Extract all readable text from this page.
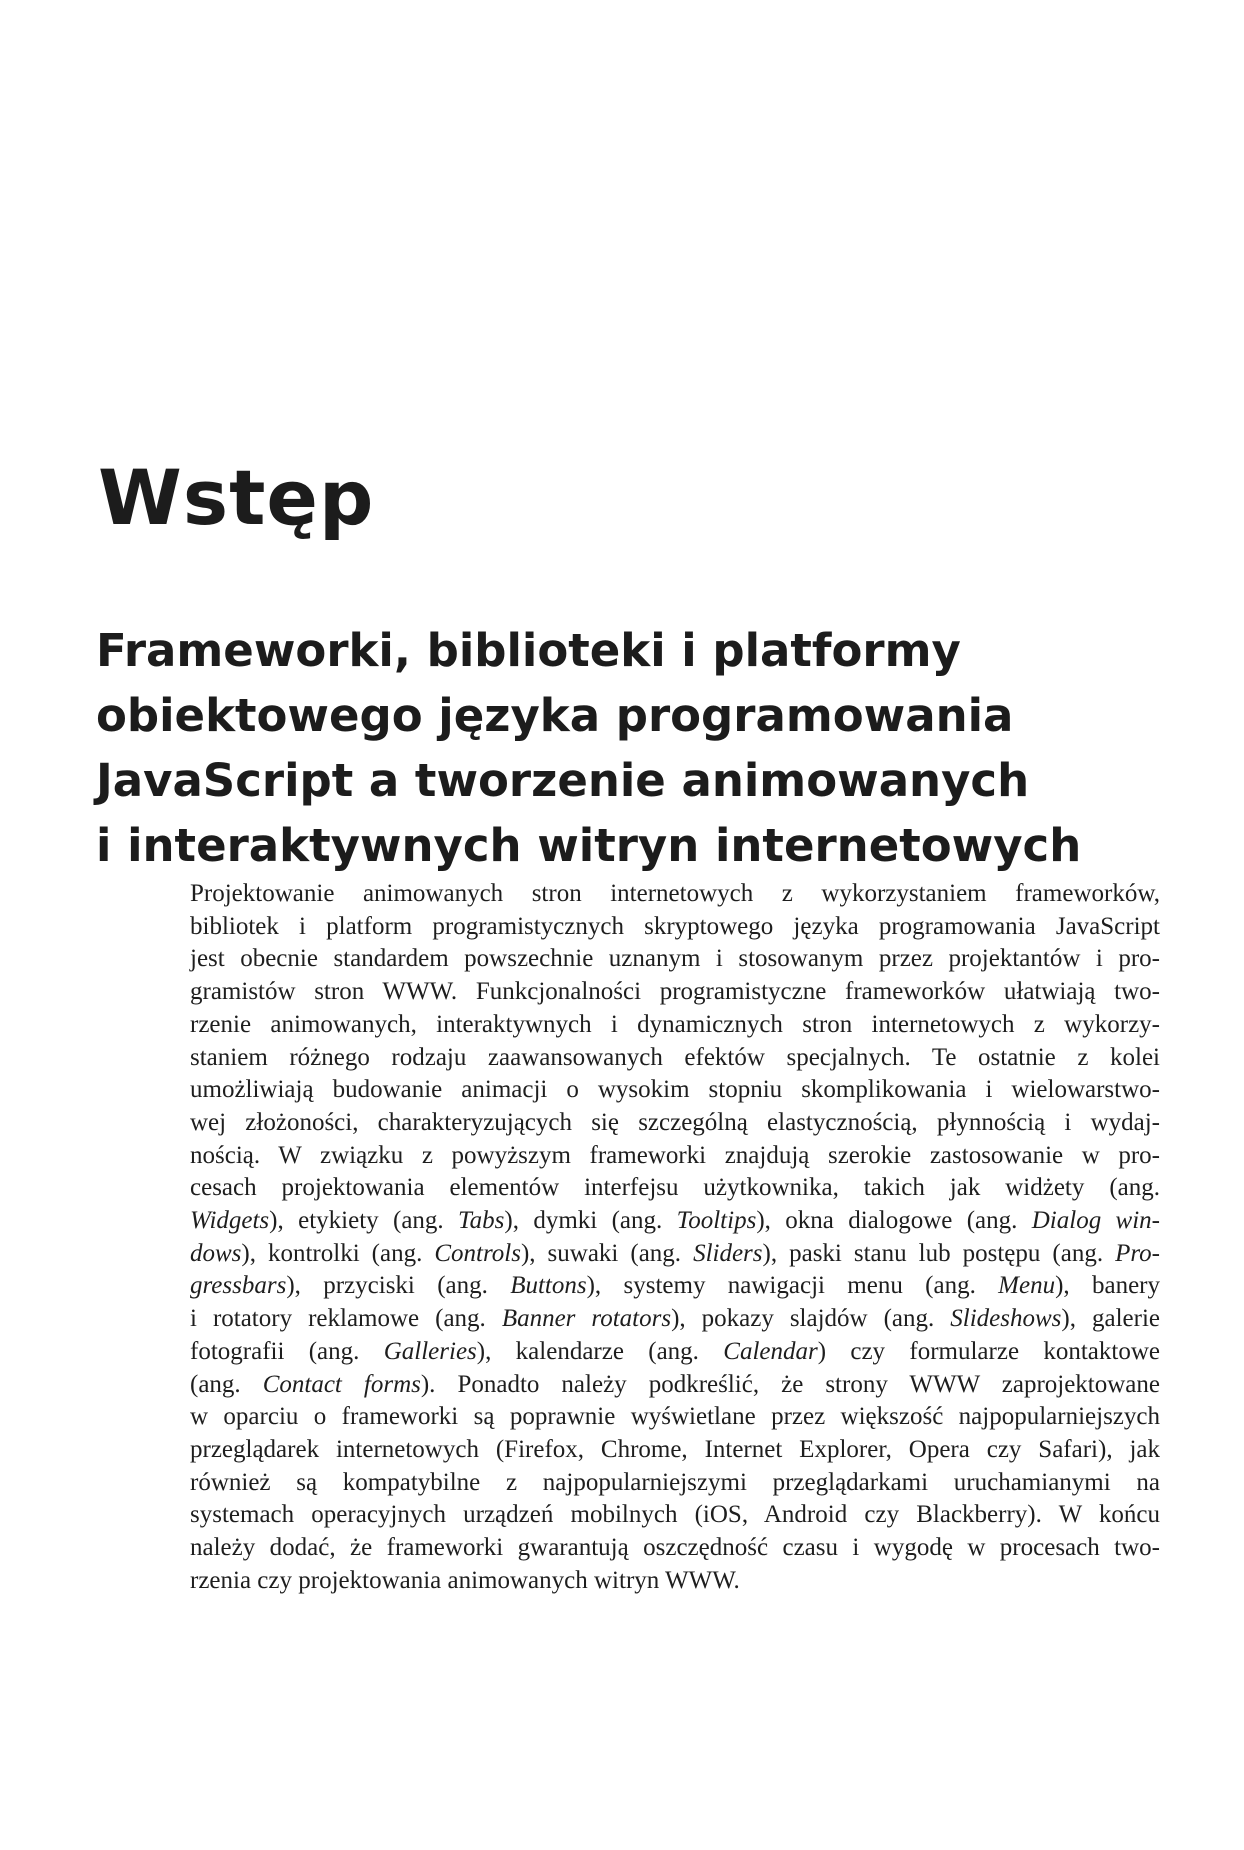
Wstęp
Frameworki, biblioteki i platformy
obiektowego języka programowania
JavaScript a tworzenie animowanych
i interaktywnych witryn internetowych
Projektowanie animowanych stron internetowych z wykorzystaniem frameworków,
bibliotek i platform programistycznych skryptowego języka programowania JavaScript
jest obecnie standardem powszechnie uznanym i stosowanym przez projektantów i pro-
gramistów stron WWW. Funkcjonalności programistyczne frameworków ułatwiają two-
rzenie animowanych, interaktywnych i dynamicznych stron internetowych z wykorzy-
staniem różnego rodzaju zaawansowanych efektów specjalnych. Te ostatnie z kolei
umożliwiają budowanie animacji o wysokim stopniu skomplikowania i wielowarstwo-
wej złożoności, charakteryzujących się szczególną elastycznością, płynnością i wydaj-
nością. W związku z powyższym frameworki znajdują szerokie zastosowanie w pro-
cesach projektowania elementów interfejsu użytkownika, takich jak widżety (ang.
Widgets), etykiety (ang. Tabs), dymki (ang. Tooltips), okna dialogowe (ang. Dialog win-
dows), kontrolki (ang. Controls), suwaki (ang. Sliders), paski stanu lub postępu (ang. Pro-
gressbars), przyciski (ang. Buttons), systemy nawigacji menu (ang. Menu), banery
i rotatory reklamowe (ang. Banner rotators), pokazy slajdów (ang. Slideshows), galerie
fotografii (ang. Galleries), kalendarze (ang. Calendar) czy formularze kontaktowe
(ang. Contact forms). Ponadto należy podkreślić, że strony WWW zaprojektowane
w oparciu o frameworki są poprawnie wyświetlane przez większość najpopularniejszych
przeglądarek internetowych (Firefox, Chrome, Internet Explorer, Opera czy Safari), jak
również są kompatybilne z najpopularniejszymi przeglądarkami uruchamianymi na
systemach operacyjnych urządzeń mobilnych (iOS, Android czy Blackberry). W końcu
należy dodać, że frameworki gwarantują oszczędność czasu i wygodę w procesach two-
rzenia czy projektowania animowanych witryn WWW.
